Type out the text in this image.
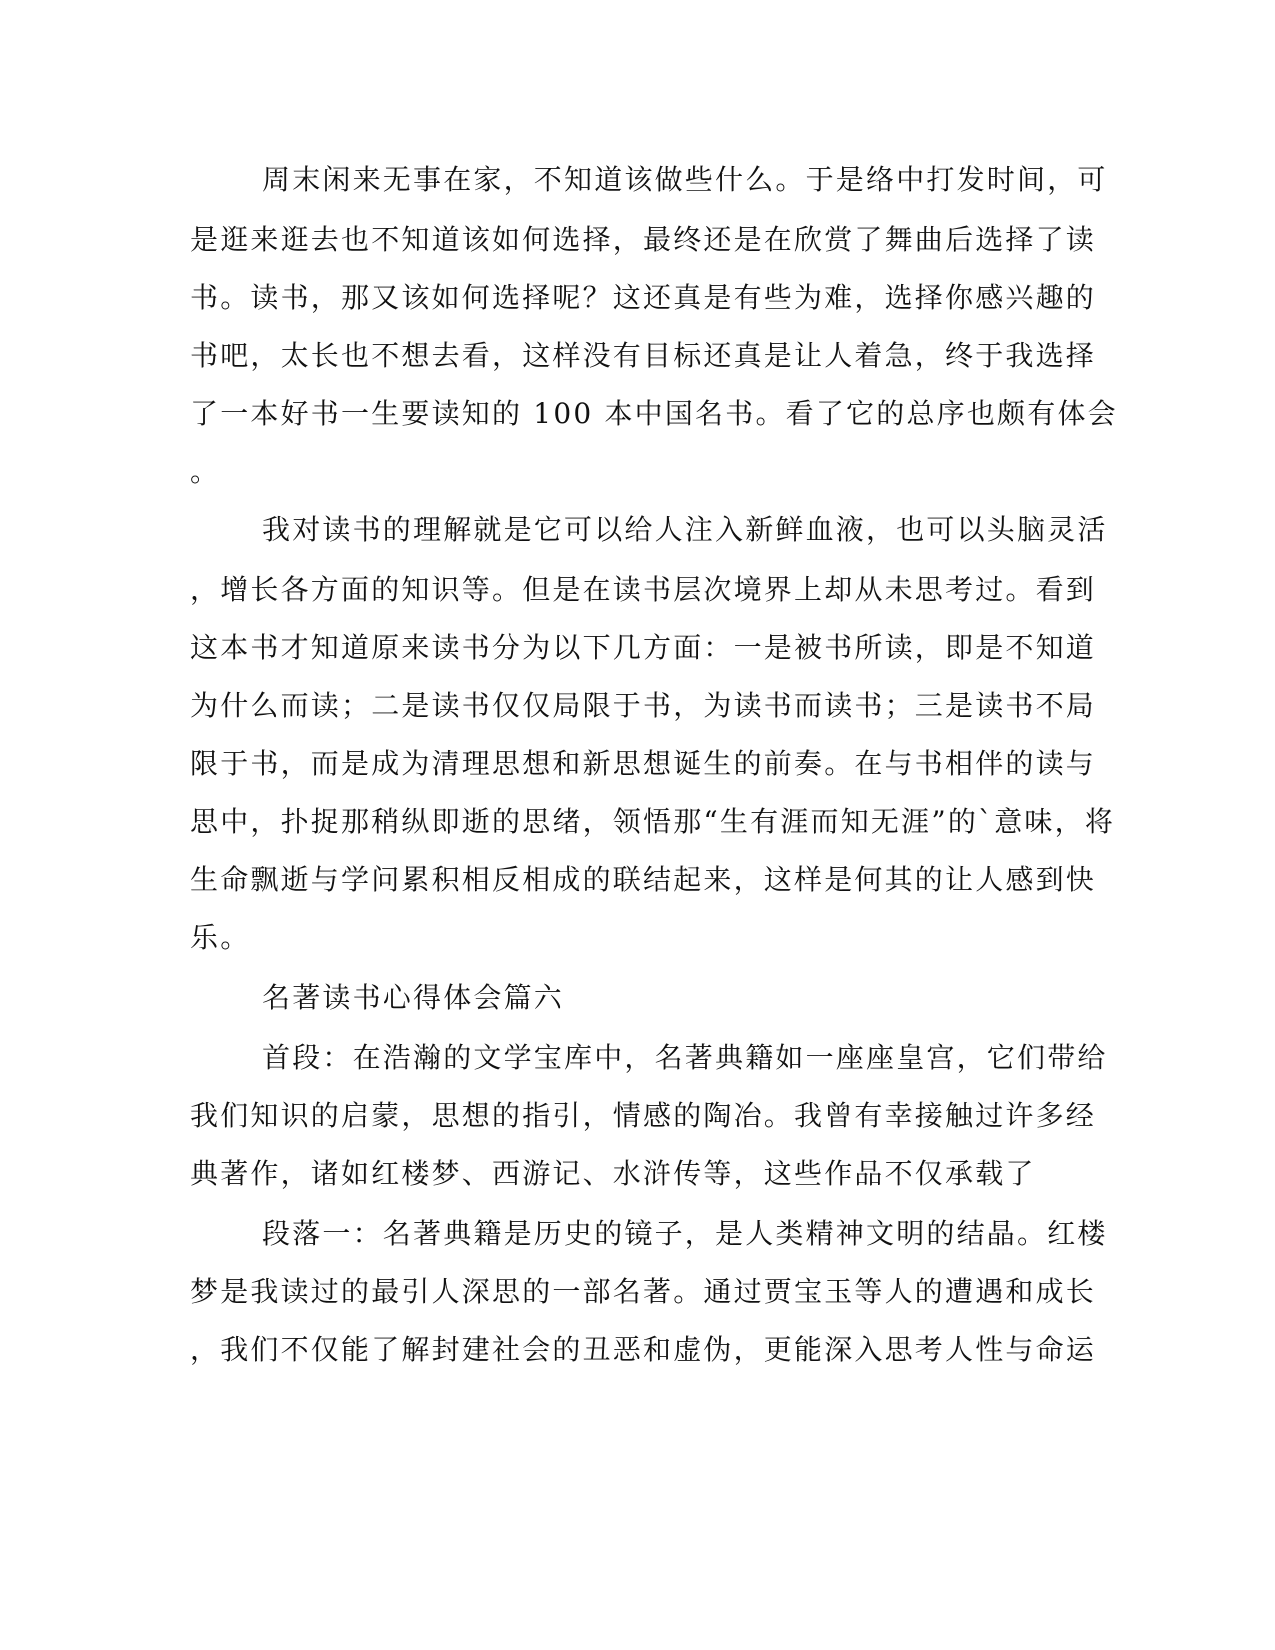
周末闲来无事在家，不知道该做些什么。于是络中打发时间，可
是逛来逛去也不知道该如何选择，最终还是在欣赏了舞曲后选择了读
书。读书，那又该如何选择呢？这还真是有些为难，选择你感兴趣的
书吧，太长也不想去看，这样没有目标还真是让人着急，终于我选择
了一本好书一生要读知的 100 本中国名书。看了它的总序也颇有体会
。
我对读书的理解就是它可以给人注入新鲜血液，也可以头脑灵活
，增长各方面的知识等。但是在读书层次境界上却从未思考过。看到
这本书才知道原来读书分为以下几方面：一是被书所读，即是不知道
为什么而读；二是读书仅仅局限于书，为读书而读书；三是读书不局
限于书，而是成为清理思想和新思想诞生的前奏。在与书相伴的读与
思中，扑捉那稍纵即逝的思绪，领悟那“生有涯而知无涯”的`意味，将
生命飘逝与学问累积相反相成的联结起来，这样是何其的让人感到快
乐。
名著读书心得体会篇六
首段：在浩瀚的文学宝库中，名著典籍如一座座皇宫，它们带给
我们知识的启蒙，思想的指引，情感的陶冶。我曾有幸接触过许多经
典著作，诸如红楼梦、西游记、水浒传等，这些作品不仅承载了
段落一：名著典籍是历史的镜子，是人类精神文明的结晶。红楼
梦是我读过的最引人深思的一部名著。通过贾宝玉等人的遭遇和成长
，我们不仅能了解封建社会的丑恶和虚伪，更能深入思考人性与命运
